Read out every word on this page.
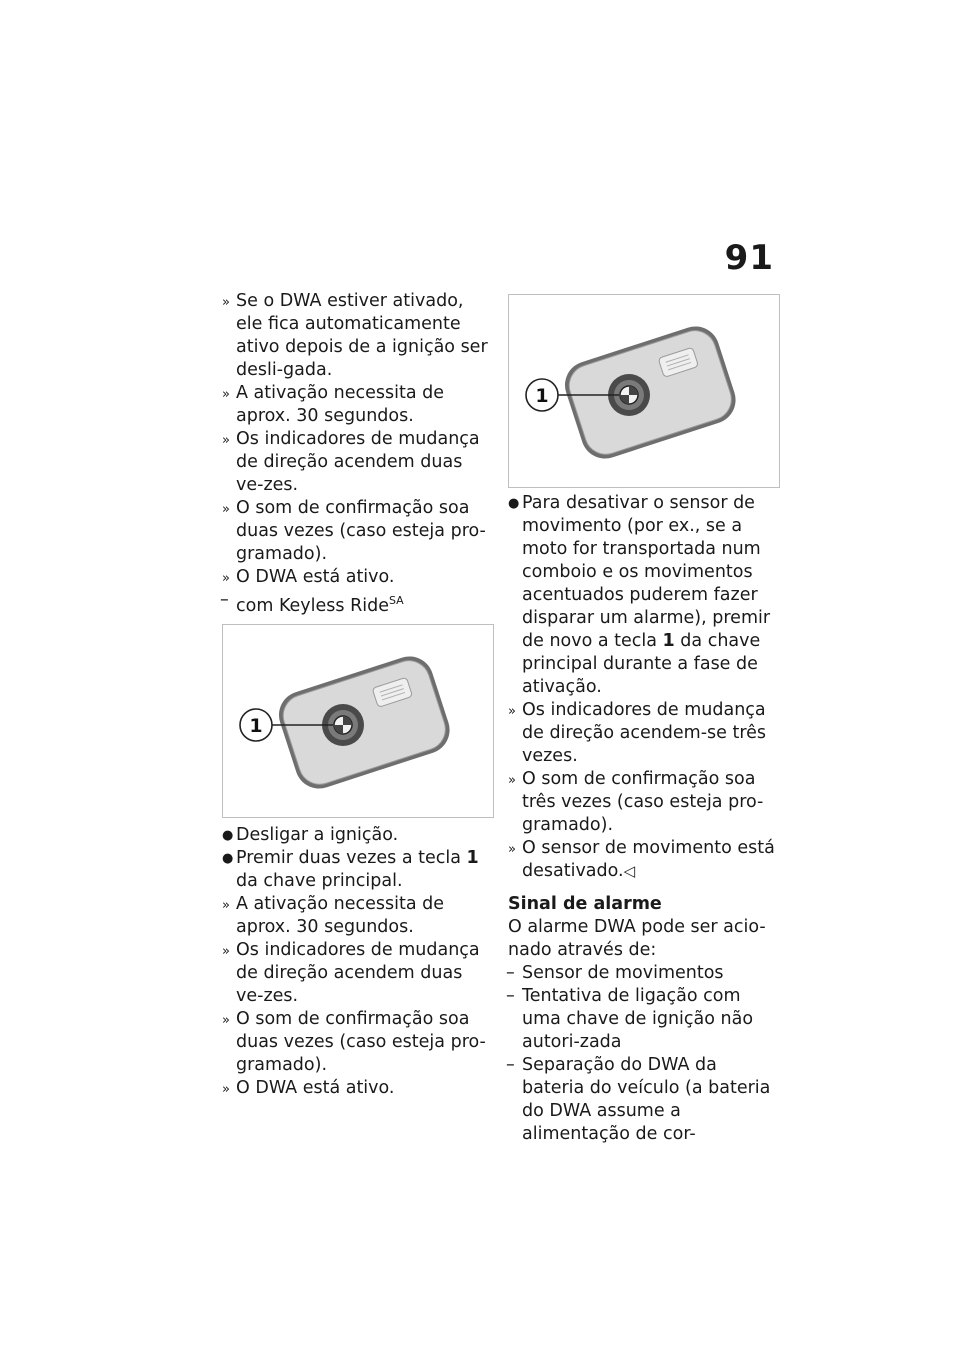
91
» Se o DWA estiver ativado, ele fica automaticamente ativo depois de a ignição ser desli-gada.
» A ativação necessita de aprox. 30 segundos.
» Os indicadores de mudança de direção acendem duas ve-zes.
» O som de confirmação soa duas vezes (caso esteja pro-gramado).
» O DWA está ativo.
– com Keyless Ride$^{SA}$
1
● Desligar a ignição.
● Premir duas vezes a tecla 1 da chave principal.
» A ativação necessita de aprox. 30 segundos.
» Os indicadores de mudança de direção acendem duas ve-zes.
» O som de confirmação soa duas vezes (caso esteja pro-gramado).
» O DWA está ativo.
1
● Para desativar o sensor de movimento (por ex., se a moto for transportada num comboio e os movimentos acentuados puderem fazer disparar um alarme), premir de novo a tecla 1 da chave principal durante a fase de ativação.
» Os indicadores de mudança de direção acendem-se três vezes.
» O som de confirmação soa três vezes (caso esteja pro-gramado).
» O sensor de movimento está desativado.◁
Sinal de alarme
O alarme DWA pode ser acio-nado através de:
– Sensor de movimentos
– Tentativa de ligação com uma chave de ignição não autori-zada
– Separação do DWA da bateria do veículo (a bateria do DWA assume a alimentação de cor-
